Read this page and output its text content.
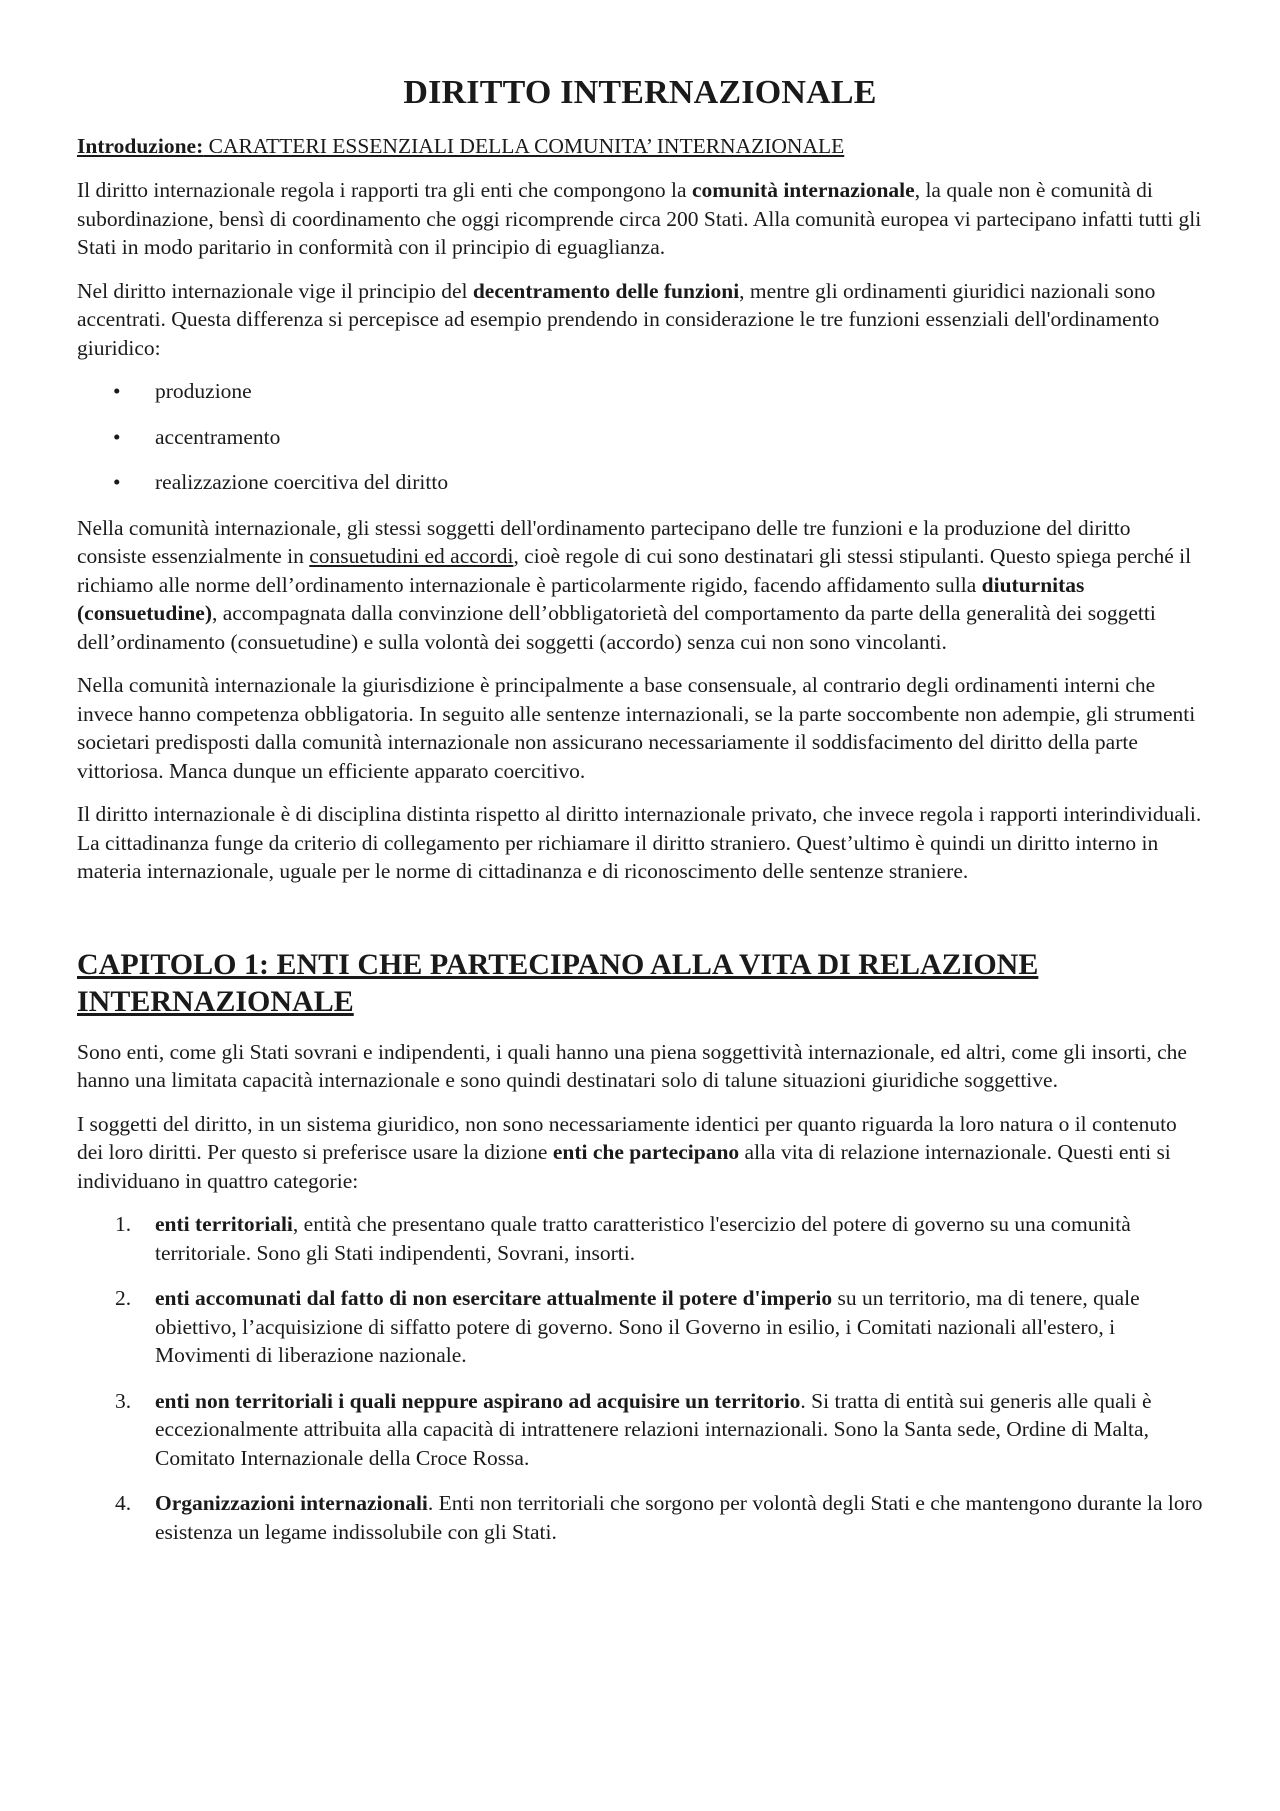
DIRITTO INTERNAZIONALE
Introduzione: CARATTERI ESSENZIALI DELLA COMUNITA’ INTERNAZIONALE

Il diritto internazionale regola i rapporti tra gli enti che compongono la comunità internazionale, la quale non è comunità di subordinazione, bensì di coordinamento che oggi ricomprende circa 200 Stati. Alla comunità europea vi partecipano infatti tutti gli Stati in modo paritario in conformità con il principio di eguaglianza.

Nel diritto internazionale vige il principio del decentramento delle funzioni, mentre gli ordinamenti giuridici nazionali sono accentrati. Questa differenza si percepisce ad esempio prendendo in considerazione le tre funzioni essenziali dell'ordinamento giuridico:

• produzione
• accentramento
• realizzazione coercitiva del diritto

Nella comunità internazionale, gli stessi soggetti dell'ordinamento partecipano delle tre funzioni e la produzione del diritto consiste essenzialmente in consuetudini ed accordi, cioè regole di cui sono destinatari gli stessi stipulanti. Questo spiega perché il richiamo alle norme dell’ordinamento internazionale è particolarmente rigido, facendo affidamento sulla diuturnitas (consuetudine), accompagnata dalla convinzione dell’obbligatorietà del comportamento da parte della generalità dei soggetti dell’ordinamento (consuetudine) e sulla volontà dei soggetti (accordo) senza cui non sono vincolanti.

Nella comunità internazionale la giurisdizione è principalmente a base consensuale, al contrario degli ordinamenti interni che invece hanno competenza obbligatoria. In seguito alle sentenze internazionali, se la parte soccombente non adempie, gli strumenti societari predisposti dalla comunità internazionale non assicurano necessariamente il soddisfacimento del diritto della parte vittoriosa. Manca dunque un efficiente apparato coercitivo.

Il diritto internazionale è di disciplina distinta rispetto al diritto internazionale privato, che invece regola i rapporti interindividuali. La cittadinanza funge da criterio di collegamento per richiamare il diritto straniero. Quest’ultimo è quindi un diritto interno in materia internazionale, uguale per le norme di cittadinanza e di riconoscimento delle sentenze straniere.

CAPITOLO 1: ENTI CHE PARTECIPANO ALLA VITA DI RELAZIONE INTERNAZIONALE

Sono enti, come gli Stati sovrani e indipendenti, i quali hanno una piena soggettività internazionale, ed altri, come gli insorti, che hanno una limitata capacità internazionale e sono quindi destinatari solo di talune situazioni giuridiche soggettive.

I soggetti del diritto, in un sistema giuridico, non sono necessariamente identici per quanto riguarda la loro natura o il contenuto dei loro diritti. Per questo si preferisce usare la dizione enti che partecipano alla vita di relazione internazionale. Questi enti si individuano in quattro categorie:

1. enti territoriali, entità che presentano quale tratto caratteristico l'esercizio del potere di governo su una comunità territoriale. Sono gli Stati indipendenti, Sovrani, insorti.
2. enti accomunati dal fatto di non esercitare attualmente il potere d'imperio su un territorio, ma di tenere, quale obiettivo, l’acquisizione di siffatto potere di governo. Sono il Governo in esilio, i Comitati nazionali all'estero, i Movimenti di liberazione nazionale.
3. enti non territoriali i quali neppure aspirano ad acquisire un territorio. Si tratta di entità sui generis alle quali è eccezionalmente attribuita alla capacità di intrattenere relazioni internazionali. Sono la Santa sede, Ordine di Malta, Comitato Internazionale della Croce Rossa.
4. Organizzazioni internazionali. Enti non territoriali che sorgono per volontà degli Stati e che mantengono durante la loro esistenza un legame indissolubile con gli Stati.
